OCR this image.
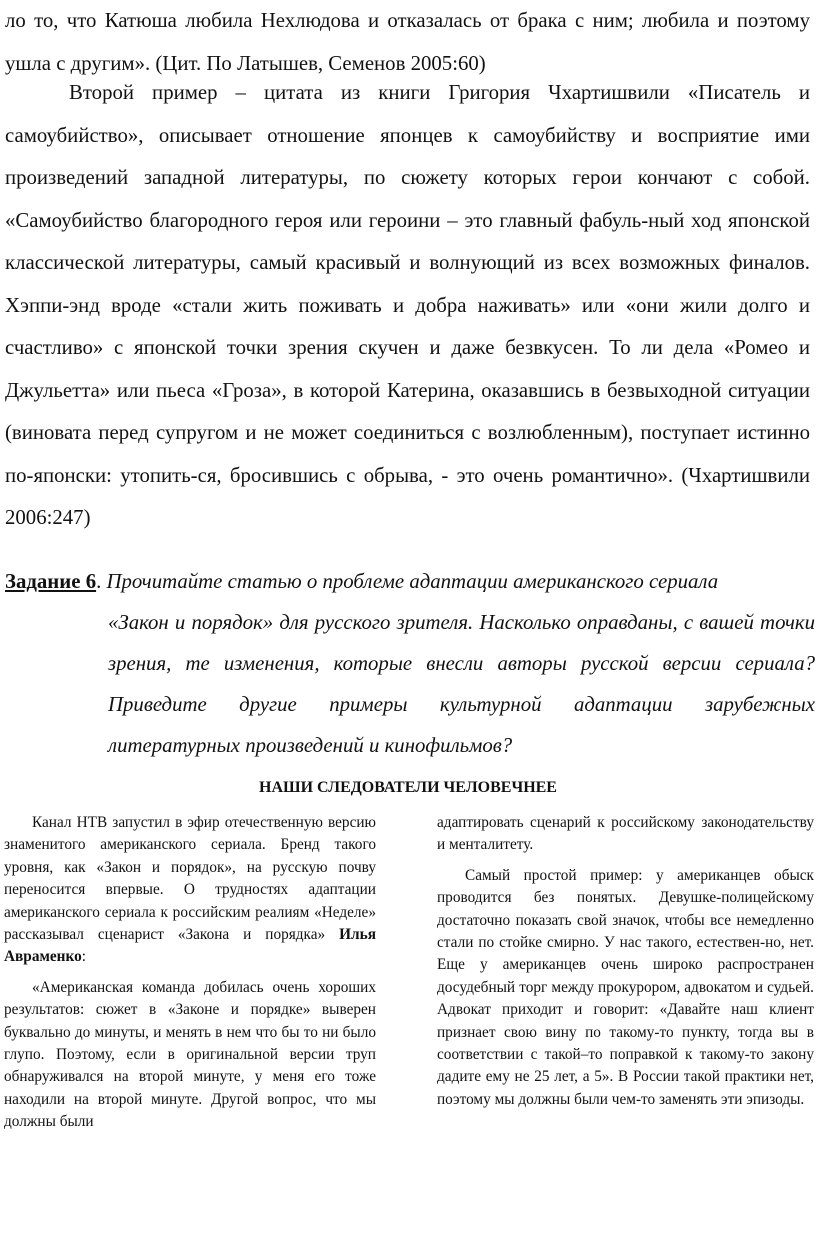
ло то, что Катюша любила Нехлюдова и отказалась от брака с ним; любила и поэтому ушла с другим». (Цит. По Латышев, Семенов 2005:60)

Второй пример – цитата из книги Григория Чхартишвили «Писатель и самоубийство», описывает отношение японцев к самоубийству и восприятие ими произведений западной литературы, по сюжету которых герои кончают с собой. «Самоубийство благородного героя или героини – это главный фабуль-ный ход японской классической литературы, самый красивый и волнующий из всех возможных финалов. Хэппи-энд вроде «стали жить поживать и добра наживать» или «они жили долго и счастливо» с японской точки зрения скучен и даже безвкусен. То ли дела «Ромео и Джульетта» или пьеса «Гроза», в которой Катерина, оказавшись в безвыходной ситуации (виновата перед супругом и не может соединиться с возлюбленным), поступает истинно по-японски: утопить-ся, бросившись с обрыва, - это очень романтично». (Чхартишвили 2006:247)

Задание 6. Прочитайте статью о проблеме адаптации американского сериала
«Закон и порядок» для русского зрителя. Насколько оправданы, с вашей точки зрения, те изменения, которые внесли авторы русской версии сериала? Приведите другие примеры культурной адаптации зарубежных литературных произведений и кинофильмов?
НАШИ СЛЕДОВАТЕЛИ ЧЕЛОВЕЧНЕЕ

Канал НТВ запустил в эфир отечественную версию знаменитого американского сериала. Бренд такого уровня, как «Закон и порядок», на русскую почву переносится впервые. О трудностях адаптации американского сериала к российским реалиям «Неделе» рассказывал сценарист «Закона и порядка» Илья Авраменко:

«Американская команда добилась очень хороших результатов: сюжет в «Законе и порядке» выверен буквально до минуты, и менять в нем что бы то ни было глупо. Поэтому, если в оригинальной версии труп обнаруживался на второй минуте, у меня его тоже находили на второй минуте. Другой вопрос, что мы должны были

адаптировать сценарий к российскому законодательству и менталитету.

Самый простой пример: у американцев обыск проводится без понятых. Девушке-полицейскому достаточно показать свой значок, чтобы все немедленно стали по стойке смирно. У нас такого, естествен-но, нет. Еще у американцев очень широко распространен досудебный торг между прокурором, адвокатом и судьей. Адвокат приходит и говорит: «Давайте наш клиент признает свою вину по такому-то пункту, тогда вы в соответствии с такой–то поправкой к такому-то закону дадите ему не 25 лет, а 5». В России такой практики нет, поэтому мы должны были чем-то заменять эти эпизоды.
